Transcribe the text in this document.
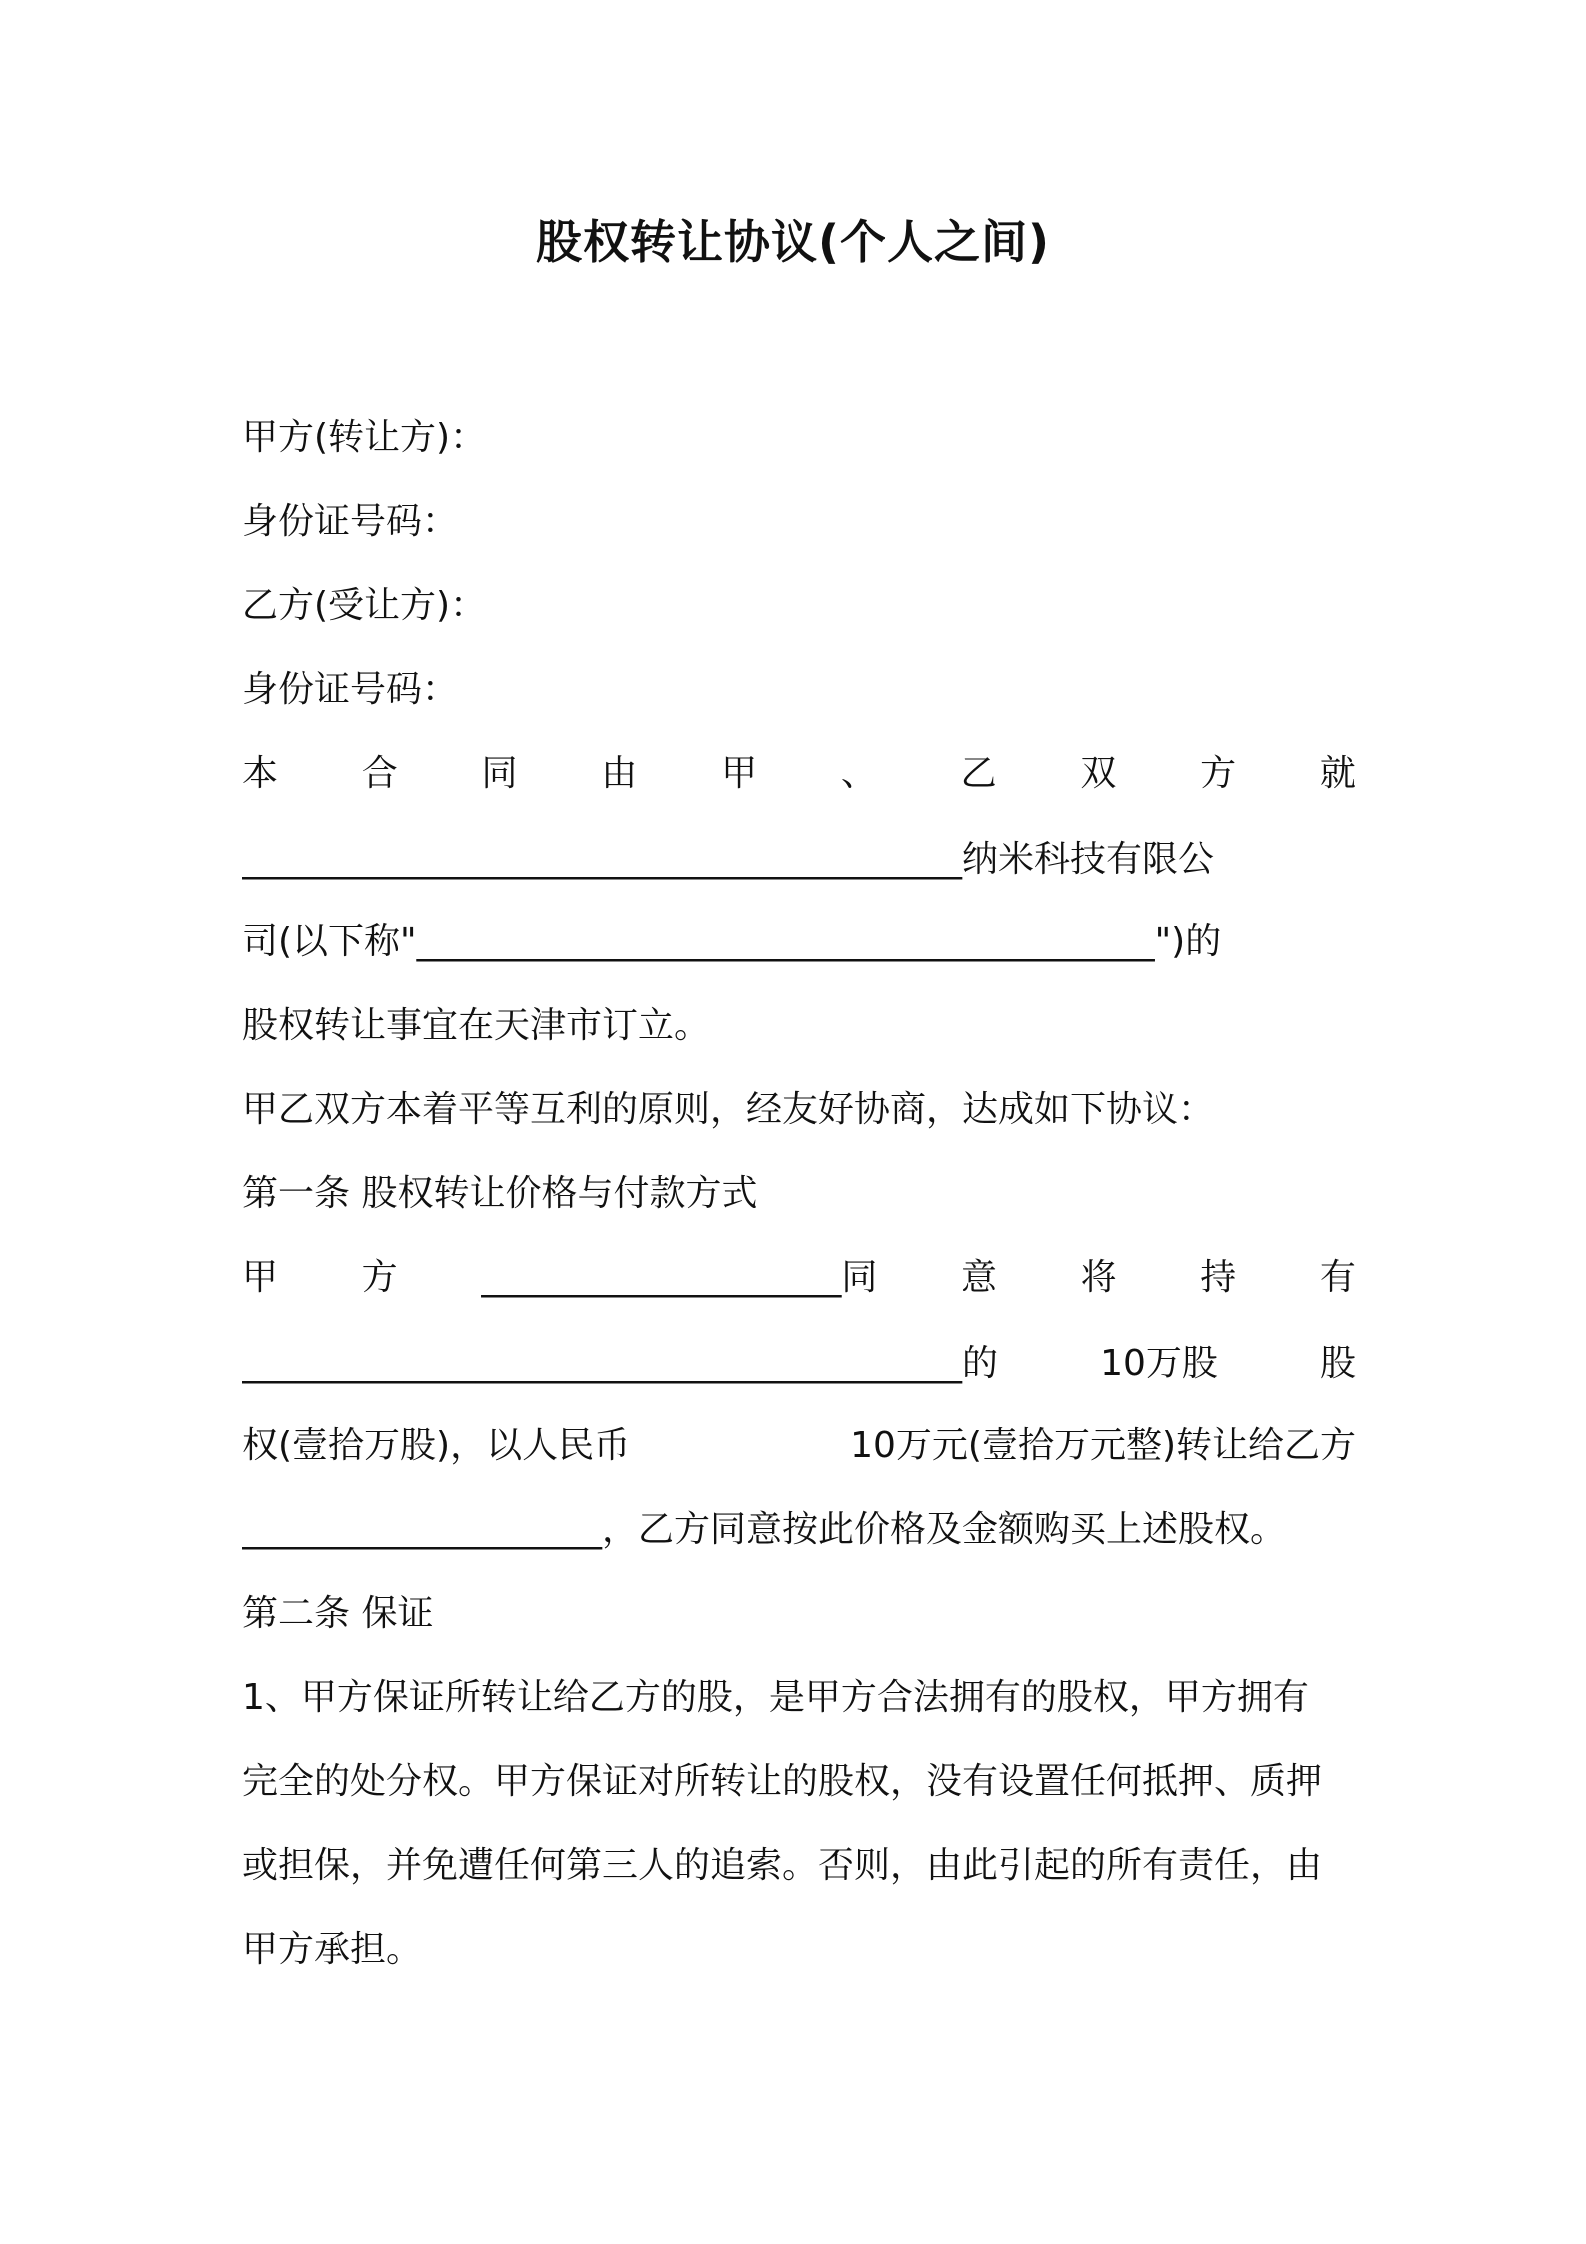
股权转让协议(个人之间)
甲方(转让方)：
身份证号码：
乙方(受让方)：
身份证号码：
本 合 同 由 甲 、 乙 双 方 就
________________________________________纳米科技有限公
司(以下称"_________________________________________")的
股权转让事宜在天津市订立。
甲乙双方本着平等互利的原则，经友好协商，达成如下协议：
第一条 股权转让价格与付款方式
甲 方 ____________________同 意 将 持 有
________________________________________的	10万股	股
权(壹拾万股)，以人民币	10万元(壹拾万元整)转让给乙方
____________________，乙方同意按此价格及金额购买上述股权。
第二条 保证
1、甲方保证所转让给乙方的股，是甲方合法拥有的股权，甲方拥有
完全的处分权。甲方保证对所转让的股权，没有设置任何抵押、质押
或担保，并免遭任何第三人的追索。否则，由此引起的所有责任，由
甲方承担。
